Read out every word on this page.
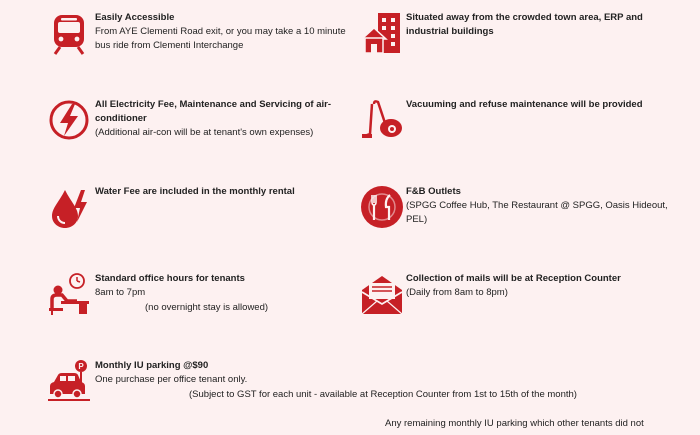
Easily Accessible
From AYE Clementi Road exit, or you may take a 10 minute
bus ride from Clementi Interchange
Situated away from the crowded town area, ERP and
industrial buildings
All Electricity Fee, Maintenance and Servicing of air-
conditioner
(Additional air-con will be at tenant's own expenses)
Vacuuming and refuse maintenance will be provided
Water Fee are included in the monthly rental	F&B Outlets
(SPGG Coffee Hub, The Restaurant @ SPGG, Oasis Hideout,
PEL)
Standard office hours for tenants
8am to 7pm
(no overnight stay is allowed)
Collection of mails will be at Reception Counter
(Daily from 8am to 8pm)
P Monthly IU parking @$90
One purchase per office tenant only.
(Subject to GST for each unit - available at Reception Counter from 1st to 15th of the month)
Any remaining monthly IU parking which other tenants did not
